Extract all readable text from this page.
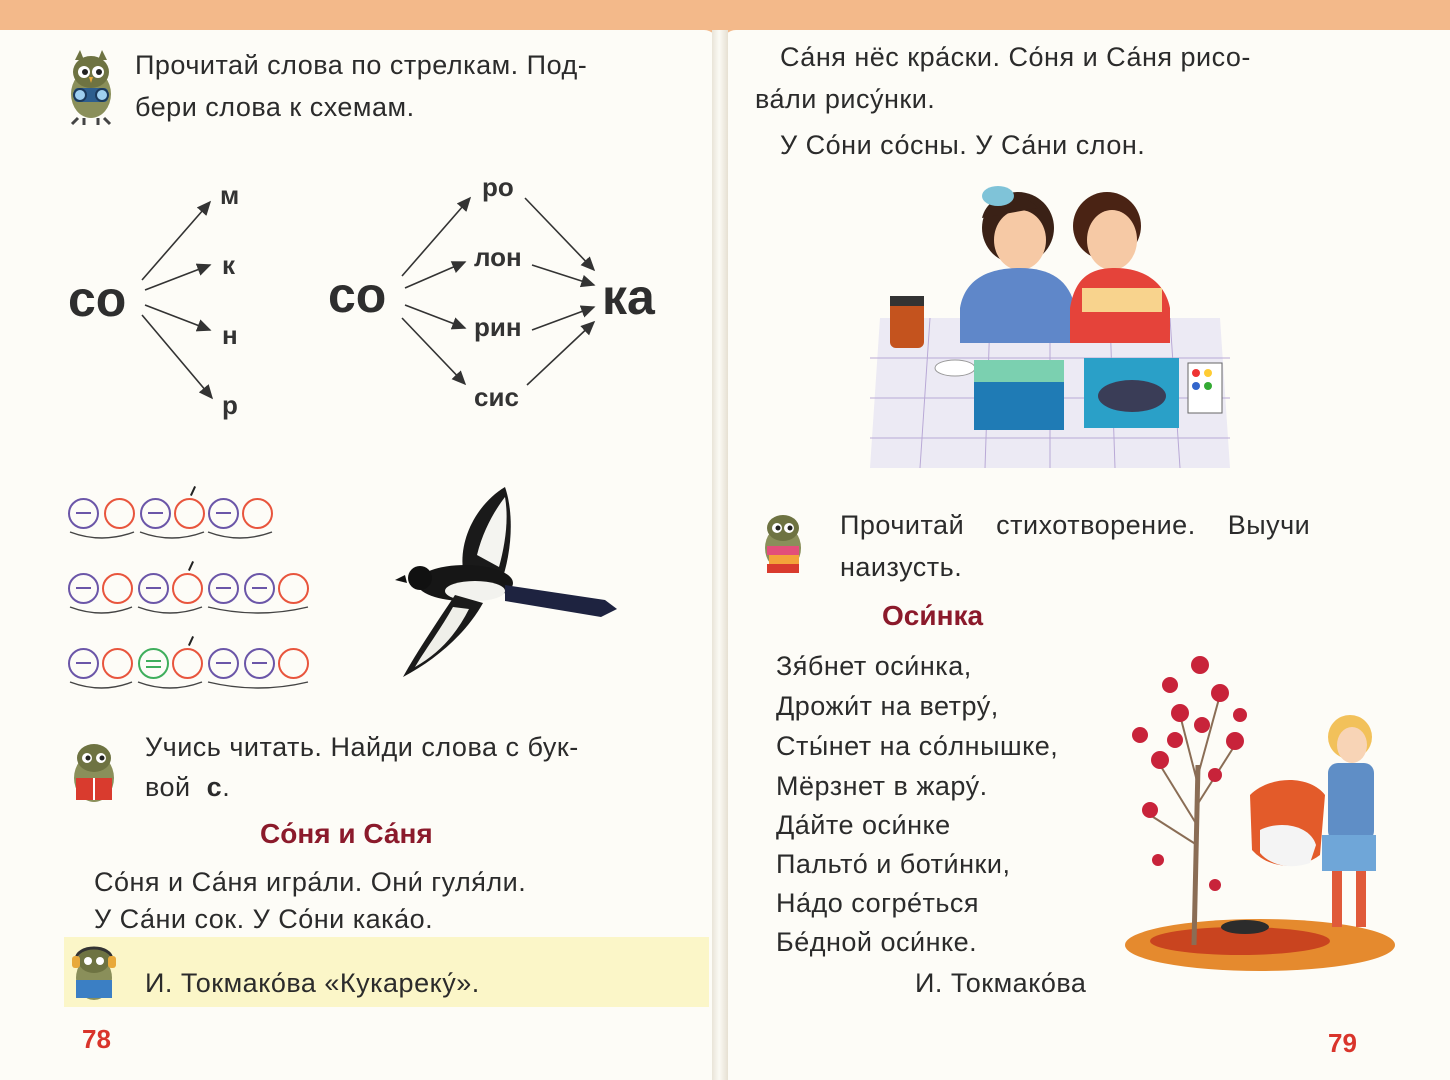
Прочитай слова по стрелкам. Под-
бери слова к схемам.
со
м
к
н
р
со
ро
лон
рин
сис
ка
Учись читать. Найди слова с бук-
вой с.
Со́ня и Са́ня
Со́ня и Са́ня игра́ли. Они́ гуля́ли.
У Са́ни сок. У Со́ни кака́о.
И. Токмако́ва «Кукареку́».
78
Са́ня нёс кра́ски. Со́ня и Са́ня рисо-
ва́ли рису́нки.
У Со́ни со́сны. У Са́ни слон.
Прочитай стихотворение. Выучи
наизусть.
Оси́нка
Зя́бнет оси́нка,
Дрожи́т на ветру́,
Сты́нет на со́лнышке,
Мёрзнет в жару́.
Да́йте оси́нке
Пальто́ и боти́нки,
На́до согре́ться
Бе́дной оси́нке.
И. Токмако́ва
79
